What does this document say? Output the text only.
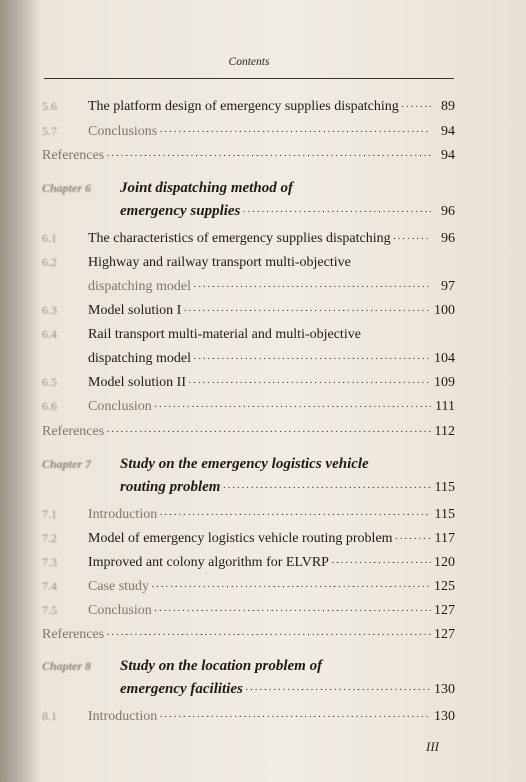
Contents
5.6	The platform design of emergency supplies dispatching ·····	89
5.7	Conclusions ·····	94
References ·····	94
Chapter 6	Joint dispatching method of
emergency supplies ·····	96
6.1	The characteristics of emergency supplies dispatching ·····	96
6.2	Highway and railway transport multi-objective
dispatching model ·····	97
6.3	Model solution I ·····	100
6.4	Rail transport multi-material and multi-objective
dispatching model ·····	104
6.5	Model solution II ·····	109
6.6	Conclusion ·····	111
References ·····	112
Chapter 7	Study on the emergency logistics vehicle
routing problem ·····	115
7.1	Introduction ·····	115
7.2	Model of emergency logistics vehicle routing problem ·····	117
7.3	Improved ant colony algorithm for ELVRP ·····	120
7.4	Case study ·····	125
7.5	Conclusion ·····	127
References ·····	127
Chapter 8	Study on the location problem of
emergency facilities ·····	130
8.1	Introduction ·····	130
III
